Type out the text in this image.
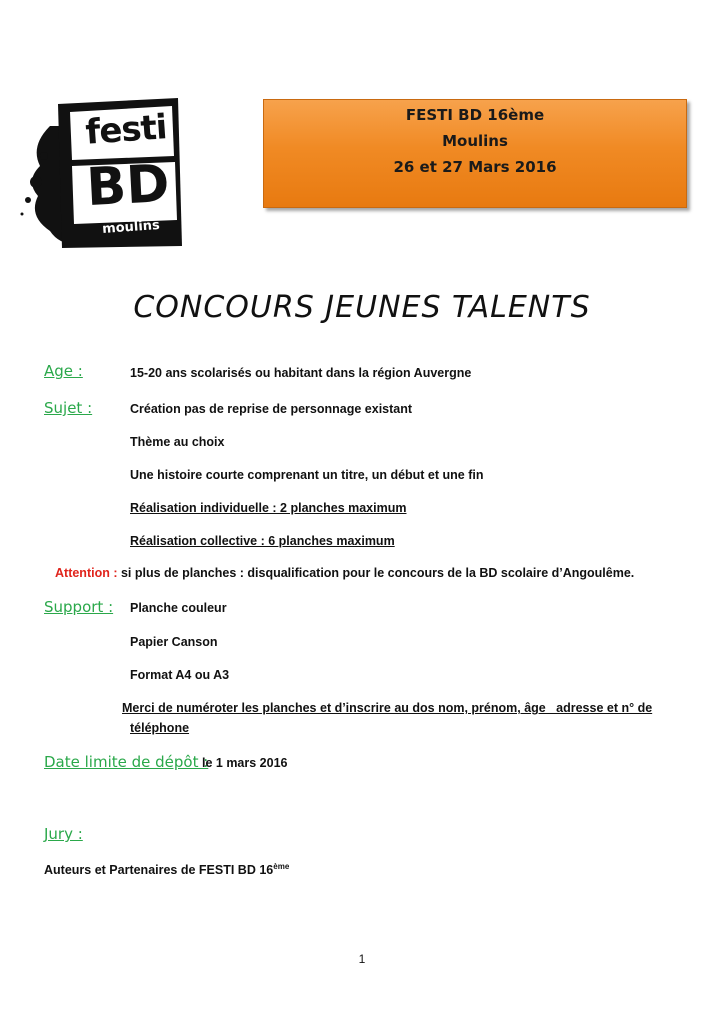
festi
BD
moulins
FESTI BD 16ème
Moulins
26 et 27 Mars 2016
CONCOURS JEUNES TALENTS
Age :	15-20 ans scolarisés ou habitant dans la région Auvergne
Sujet :	Création pas de reprise de personnage existant
Thème au choix
Une histoire courte comprenant un titre, un début et une fin
Réalisation individuelle : 2 planches maximum
Réalisation collective : 6 planches maximum
Attention : si plus de planches : disqualification pour le concours de la BD scolaire d’Angoulême.
Support : Planche couleur
Papier Canson
Format A4 ou A3
Merci de numéroter les planches et d’inscrire au dos nom, prénom, âge   adresse et n° de
téléphone
Date limite de dépôt :
le 1 mars 2016
Jury :
Auteurs et Partenaires de FESTI BD 16ème
1
